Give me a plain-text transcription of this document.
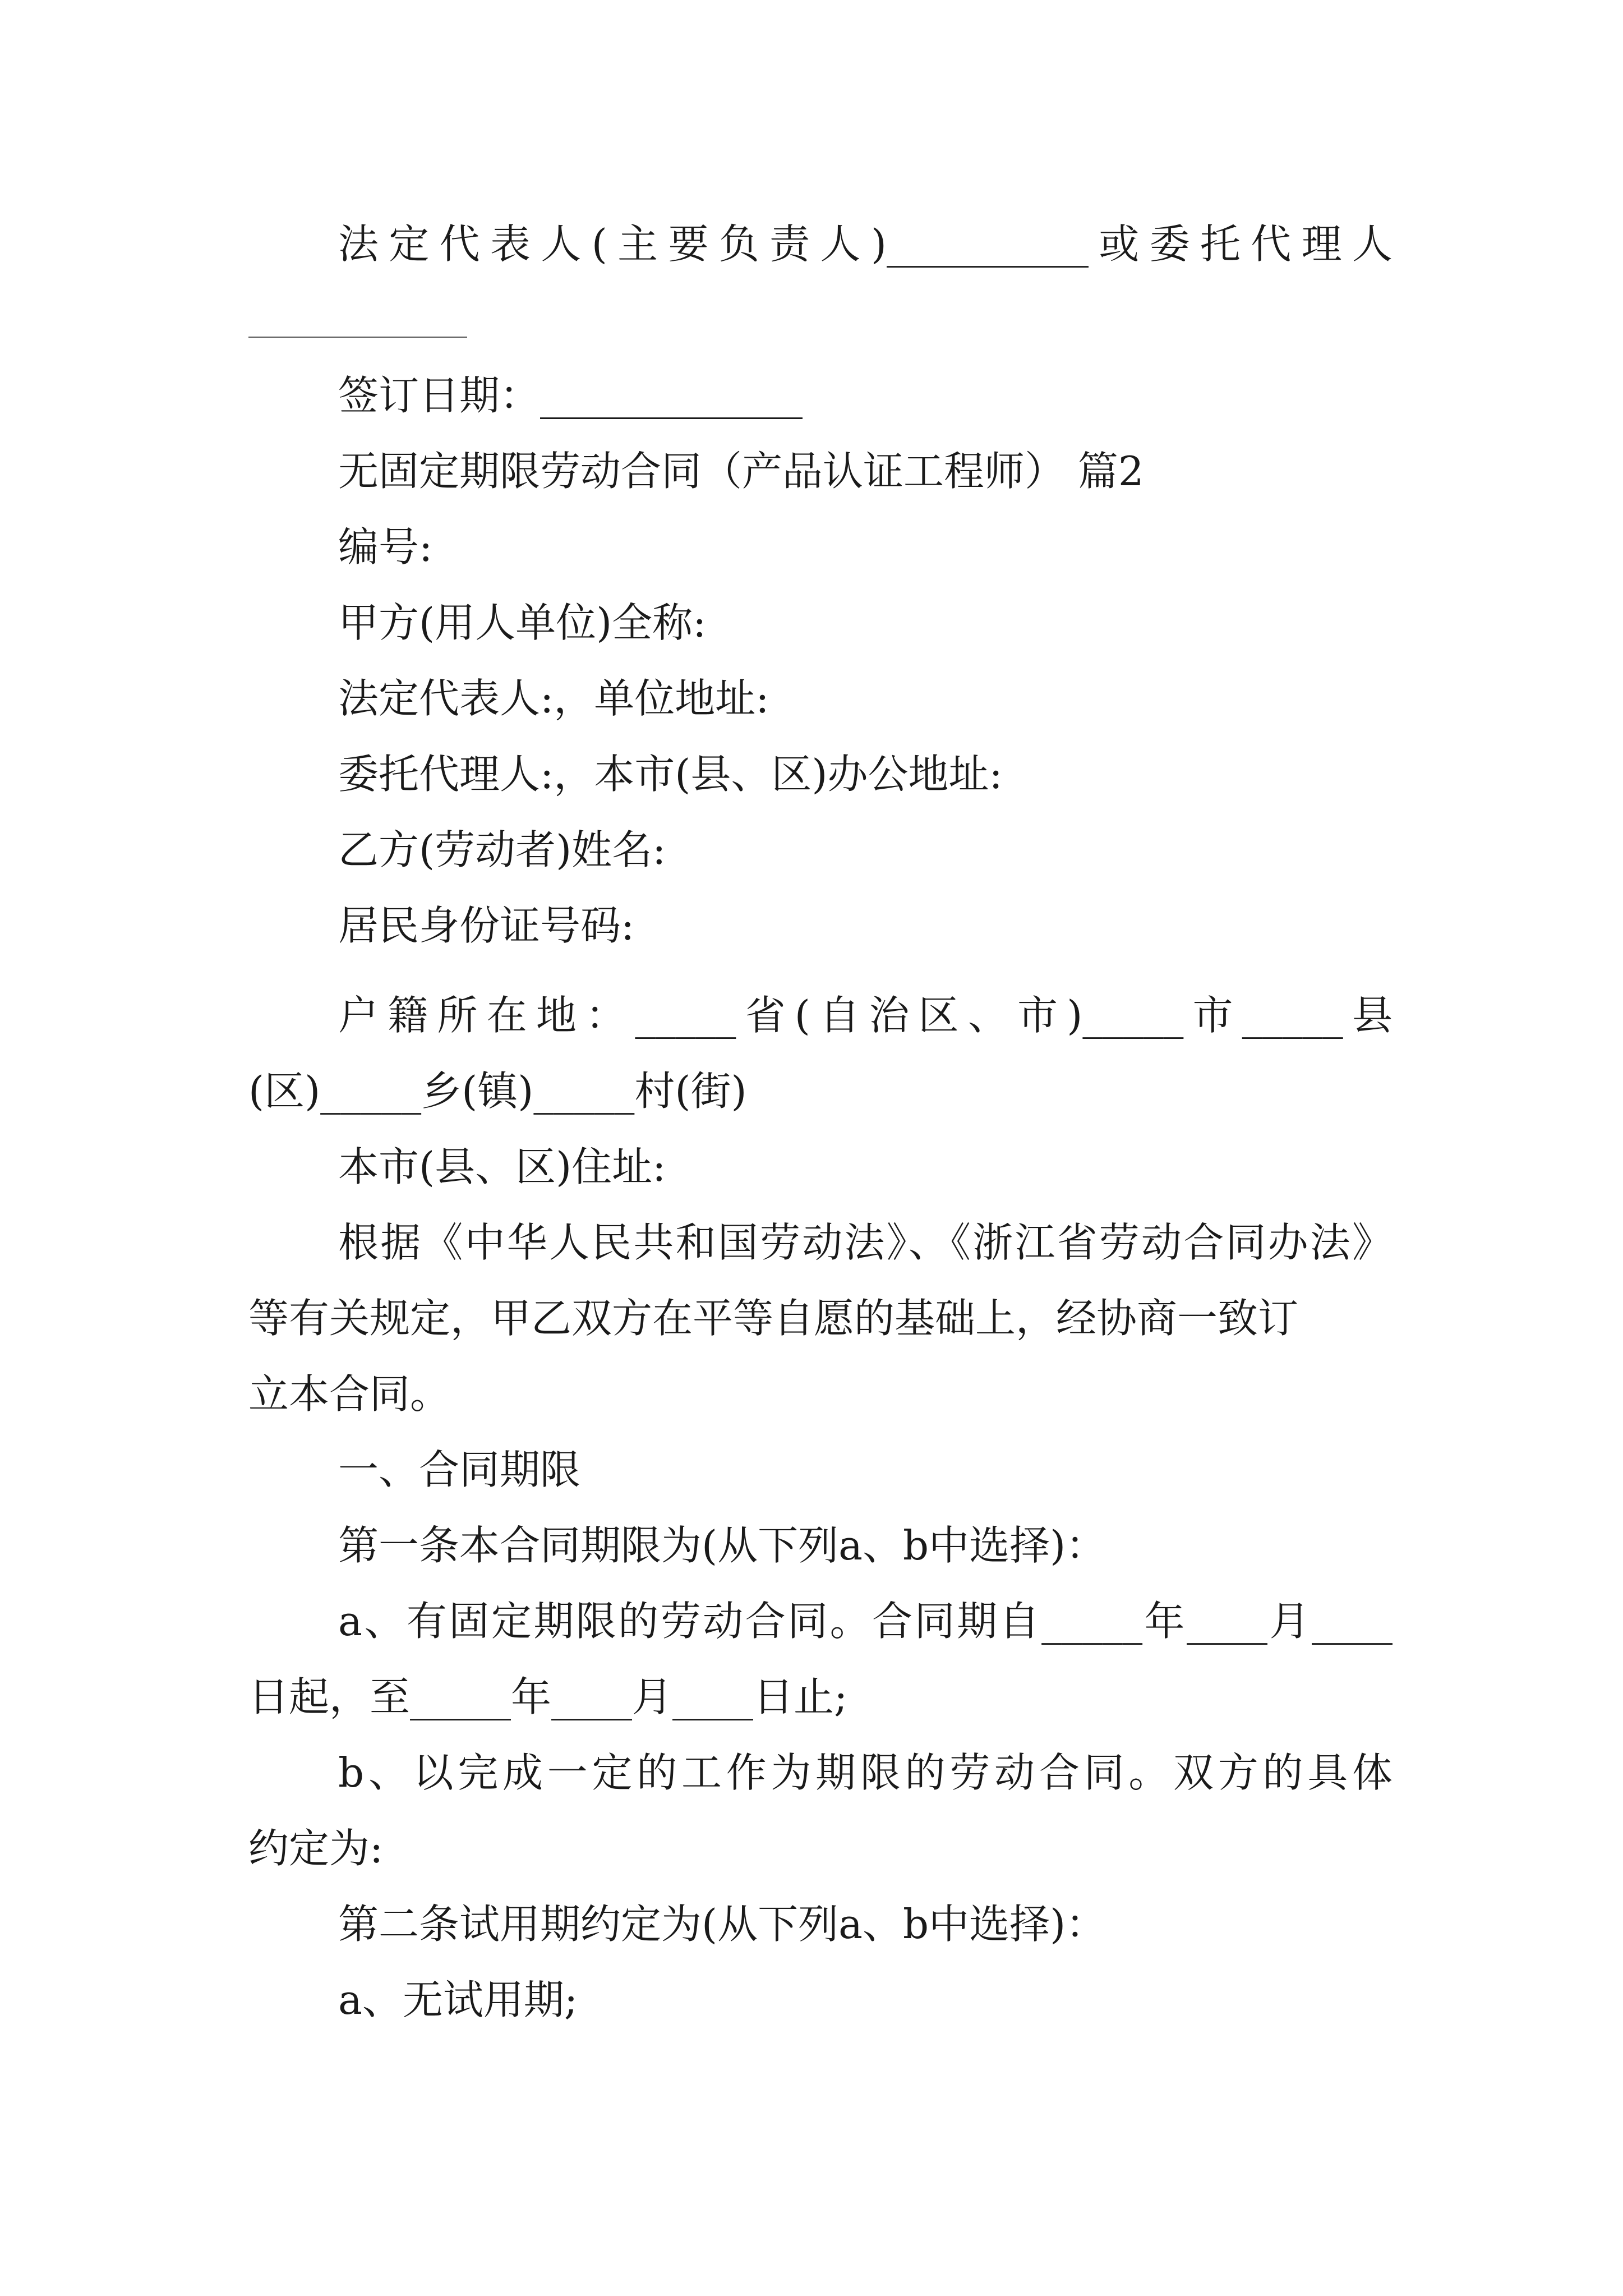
法定代表人(主要负责人)__________或委托代理人
签订日期：_____________
无固定期限劳动合同（产品认证工程师） 篇2
编号:
甲方(用人单位)全称:
法定代表人:，单位地址:
委托代理人:，本市(县、区)办公地址:
乙方(劳动者)姓名:
居民身份证号码:
户籍所在地：_____省(自治区、市)_____市_____县
(区)_____乡(镇)_____村(街)
本市(县、区)住址:
根据《中华人民共和国劳动法》、《浙江省劳动合同办法》
等有关规定，甲乙双方在平等自愿的基础上，经协商一致订
立本合同。
一、合同期限
第一条本合同期限为(从下列a、b中选择)：
a、有固定期限的劳动合同。合同期自_____年____月____
日起，至_____年____月____日止;
b、以完成一定的工作为期限的劳动合同。双方的具体
约定为:
第二条试用期约定为(从下列a、b中选择)：
a、无试用期;
